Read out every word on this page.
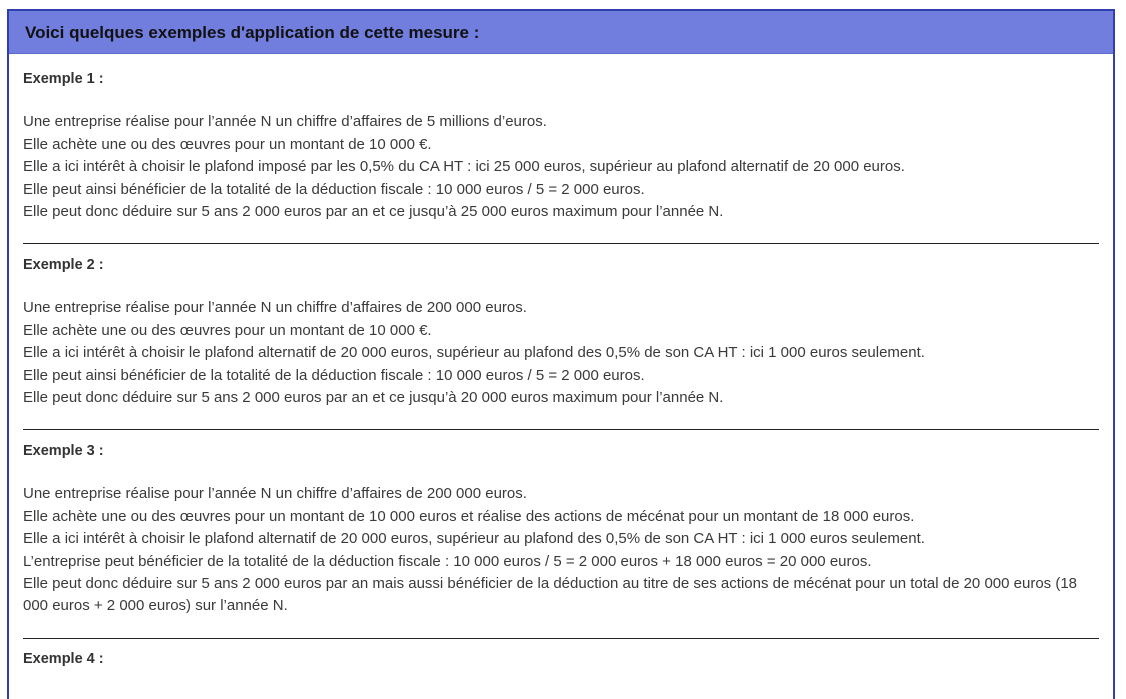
Voici quelques exemples d'application de cette mesure :
Exemple 1 :
Une entreprise réalise pour l’année N un chiffre d’affaires de 5 millions d’euros.
Elle achète une ou des œuvres pour un montant de 10 000 €.
Elle a ici intérêt à choisir le plafond imposé par les 0,5% du CA HT : ici 25 000 euros, supérieur au plafond alternatif de 20 000 euros.
Elle peut ainsi bénéficier de la totalité de la déduction fiscale : 10 000 euros / 5 = 2 000 euros.
Elle peut donc déduire sur 5 ans 2 000 euros par an et ce jusqu’à 25 000 euros maximum pour l’année N.
Exemple 2 :
Une entreprise réalise pour l’année N un chiffre d’affaires de 200 000 euros.
Elle achète une ou des œuvres pour un montant de 10 000 €.
Elle a ici intérêt à choisir le plafond alternatif de 20 000 euros, supérieur au plafond des 0,5% de son CA HT : ici 1 000 euros seulement.
Elle peut ainsi bénéficier de la totalité de la déduction fiscale : 10 000 euros / 5 = 2 000 euros.
Elle peut donc déduire sur 5 ans 2 000 euros par an et ce jusqu’à 20 000 euros maximum pour l’année N.
Exemple 3 :
Une entreprise réalise pour l’année N un chiffre d’affaires de 200 000 euros.
Elle achète une ou des œuvres pour un montant de 10 000 euros et réalise des actions de mécénat pour un montant de 18 000 euros.
Elle a ici intérêt à choisir le plafond alternatif de 20 000 euros, supérieur au plafond des 0,5% de son CA HT : ici 1 000 euros seulement.
L’entreprise peut bénéficier de la totalité de la déduction fiscale : 10 000 euros / 5 = 2 000 euros + 18 000 euros = 20 000 euros.
Elle peut donc déduire sur 5 ans 2 000 euros par an mais aussi bénéficier de la déduction au titre de ses actions de mécénat pour un total de 20 000 euros (18 000 euros + 2 000 euros) sur l’année N.
Exemple 4 :
